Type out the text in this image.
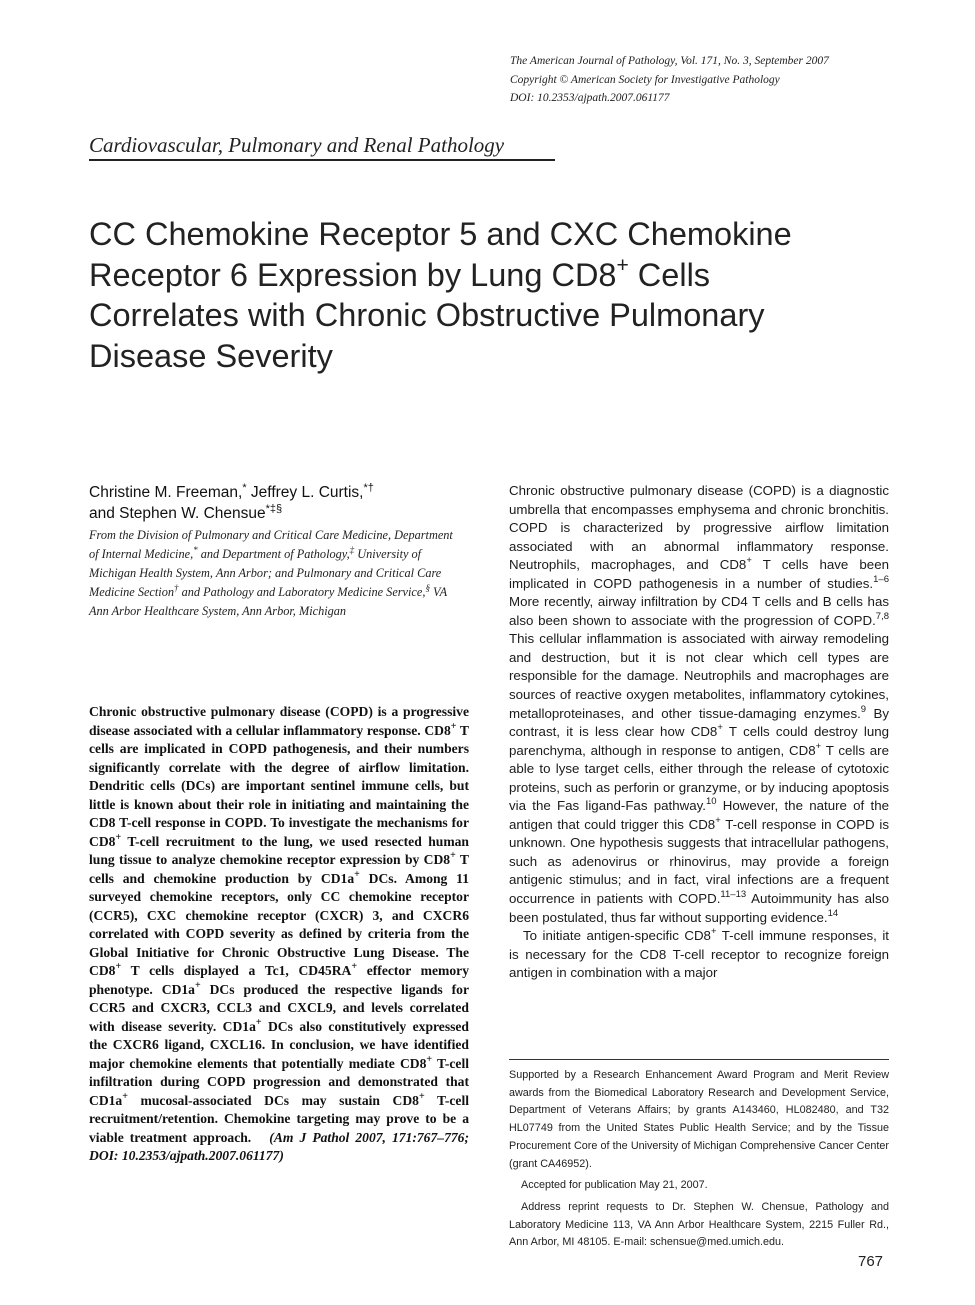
The American Journal of Pathology, Vol. 171, No. 3, September 2007
Copyright © American Society for Investigative Pathology
DOI: 10.2353/ajpath.2007.061177
Cardiovascular, Pulmonary and Renal Pathology
CC Chemokine Receptor 5 and CXC Chemokine Receptor 6 Expression by Lung CD8+ Cells Correlates with Chronic Obstructive Pulmonary Disease Severity
Christine M. Freeman,* Jeffrey L. Curtis,*†
and Stephen W. Chensue*‡§
From the Division of Pulmonary and Critical Care Medicine, Department of Internal Medicine,* and Department of Pathology,‡ University of Michigan Health System, Ann Arbor; and Pulmonary and Critical Care Medicine Section† and Pathology and Laboratory Medicine Service,§ VA Ann Arbor Healthcare System, Ann Arbor, Michigan

Chronic obstructive pulmonary disease (COPD) is a progressive disease associated with a cellular inflammatory response. CD8+ T cells are implicated in COPD pathogenesis, and their numbers significantly correlate with the degree of airflow limitation. Dendritic cells (DCs) are important sentinel immune cells, but little is known about their role in initiating and maintaining the CD8 T-cell response in COPD. To investigate the mechanisms for CD8+ T-cell recruitment to the lung, we used resected human lung tissue to analyze chemokine receptor expression by CD8+ T cells and chemokine production by CD1a+ DCs. Among 11 surveyed chemokine receptors, only CC chemokine receptor (CCR5), CXC chemokine receptor (CXCR) 3, and CXCR6 correlated with COPD severity as defined by criteria from the Global Initiative for Chronic Obstructive Lung Disease. The CD8+ T cells displayed a Tc1, CD45RA+ effector memory phenotype. CD1a+ DCs produced the respective ligands for CCR5 and CXCR3, CCL3 and CXCL9, and levels correlated with disease severity. CD1a+ DCs also constitutively expressed the CXCR6 ligand, CXCL16. In conclusion, we have identified major chemokine elements that potentially mediate CD8+ T-cell infiltration during COPD progression and demonstrated that CD1a+ mucosal-associated DCs may sustain CD8+ T-cell recruitment/retention. Chemokine targeting may prove to be a viable treatment approach. (Am J Pathol 2007, 171:767–776; DOI: 10.2353/ajpath.2007.061177)

Chronic obstructive pulmonary disease (COPD) is a diagnostic umbrella that encompasses emphysema and chronic bronchitis. COPD is characterized by progressive airflow limitation associated with an abnormal inflammatory response. Neutrophils, macrophages, and CD8+ T cells have been implicated in COPD pathogenesis in a number of studies.$^{1-6}$ More recently, airway infiltration by CD4 T cells and B cells has also been shown to associate with the progression of COPD.$^{7,8}$ This cellular inflammation is associated with airway remodeling and destruction, but it is not clear which cell types are responsible for the damage. Neutrophils and macrophages are sources of reactive oxygen metabolites, inflammatory cytokines, metalloproteinases, and other tissue-damaging enzymes.$^9$ By contrast, it is less clear how CD8+ T cells could destroy lung parenchyma, although in response to antigen, CD8+ T cells are able to lyse target cells, either through the release of cytotoxic proteins, such as perforin or granzyme, or by inducing apoptosis via the Fas ligand-Fas pathway.$^{10}$ However, the nature of the antigen that could trigger this CD8+ T-cell response in COPD is unknown. One hypothesis suggests that intracellular pathogens, such as adenovirus or rhinovirus, may provide a foreign antigenic stimulus; and in fact, viral infections are a frequent occurrence in patients with COPD.$^{11-13}$ Autoimmunity has also been postulated, thus far without supporting evidence.$^{14}$

To initiate antigen-specific CD8+ T-cell immune responses, it is necessary for the CD8 T-cell receptor to recognize foreign antigen in combination with a major

Supported by a Research Enhancement Award Program and Merit Review awards from the Biomedical Laboratory Research and Development Service, Department of Veterans Affairs; by grants A143460, HL082480, and T32 HL07749 from the United States Public Health Service; and by the Tissue Procurement Core of the University of Michigan Comprehensive Cancer Center (grant CA46952).

Accepted for publication May 21, 2007.

Address reprint requests to Dr. Stephen W. Chensue, Pathology and Laboratory Medicine 113, VA Ann Arbor Healthcare System, 2215 Fuller Rd., Ann Arbor, MI 48105. E-mail: schensue@med.umich.edu.

767
